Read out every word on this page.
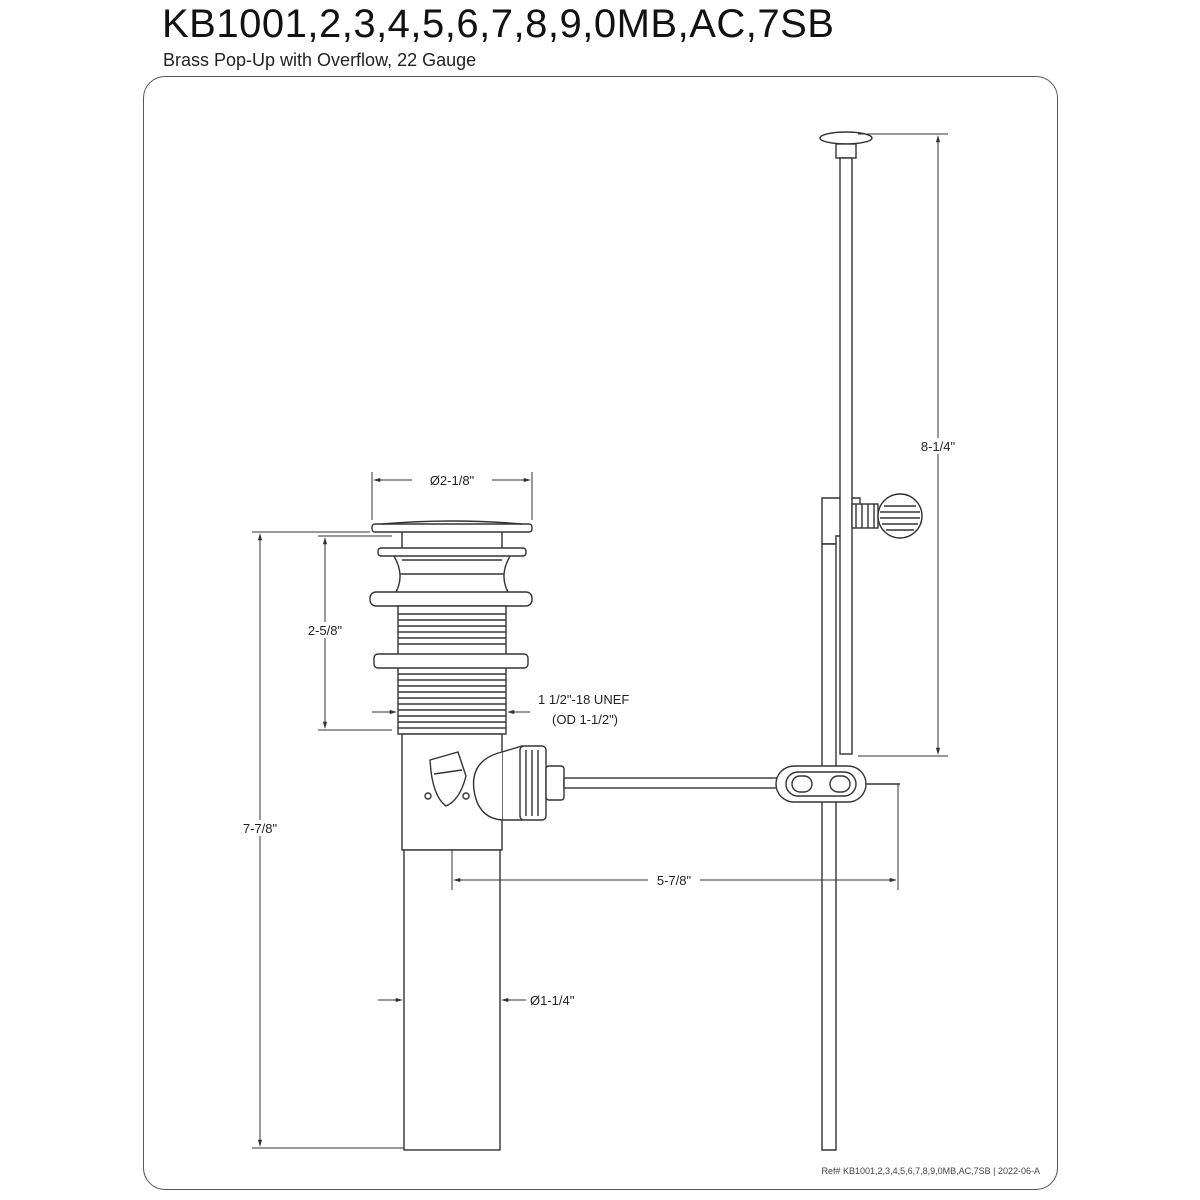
KB1001,2,3,4,5,6,7,8,9,0MB,AC,7SB
Brass Pop-Up with Overflow, 22 Gauge
Ø2-1/8"
2-5/8"
1 1/2"-18 UNEF
(OD 1-1/2")
7-7/8"
8-1/4"
5-7/8"
Ø1-1/4"
Ref# KB1001,2,3,4,5,6,7,8,9,0MB,AC,7SB | 2022-06-A
